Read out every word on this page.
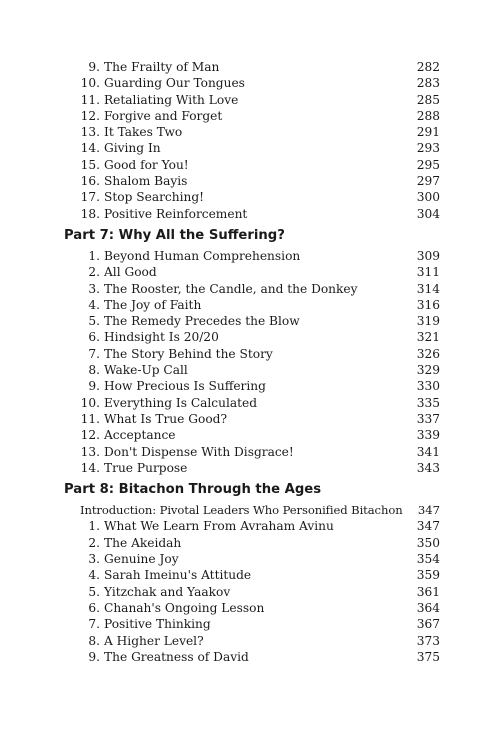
9. The Frailty of Man	282
10. Guarding Our Tongues	283
11. Retaliating With Love	285
12. Forgive and Forget	288
13. It Takes Two	291
14. Giving In	293
15. Good for You!	295
16. Shalom Bayis	297
17. Stop Searching!	300
18. Positive Reinforcement	304
Part 7: Why All the Suffering?
1. Beyond Human Comprehension	309
2. All Good	311
3. The Rooster, the Candle, and the Donkey	314
4. The Joy of Faith	316
5. The Remedy Precedes the Blow	319
6. Hindsight Is 20/20	321
7. The Story Behind the Story	326
8. Wake-Up Call	329
9. How Precious Is Suffering	330
10. Everything Is Calculated	335
11. What Is True Good?	337
12. Acceptance	339
13. Don't Dispense With Disgrace!	341
14. True Purpose	343
Part 8: Bitachon Through the Ages
Introduction: Pivotal Leaders Who Personified Bitachon 347
1. What We Learn From Avraham Avinu	347
2. The Akeidah	350
3. Genuine Joy	354
4. Sarah Imeinu's Attitude	359
5. Yitzchak and Yaakov	361
6. Chanah's Ongoing Lesson	364
7. Positive Thinking	367
8. A Higher Level?	373
9. The Greatness of David	375
